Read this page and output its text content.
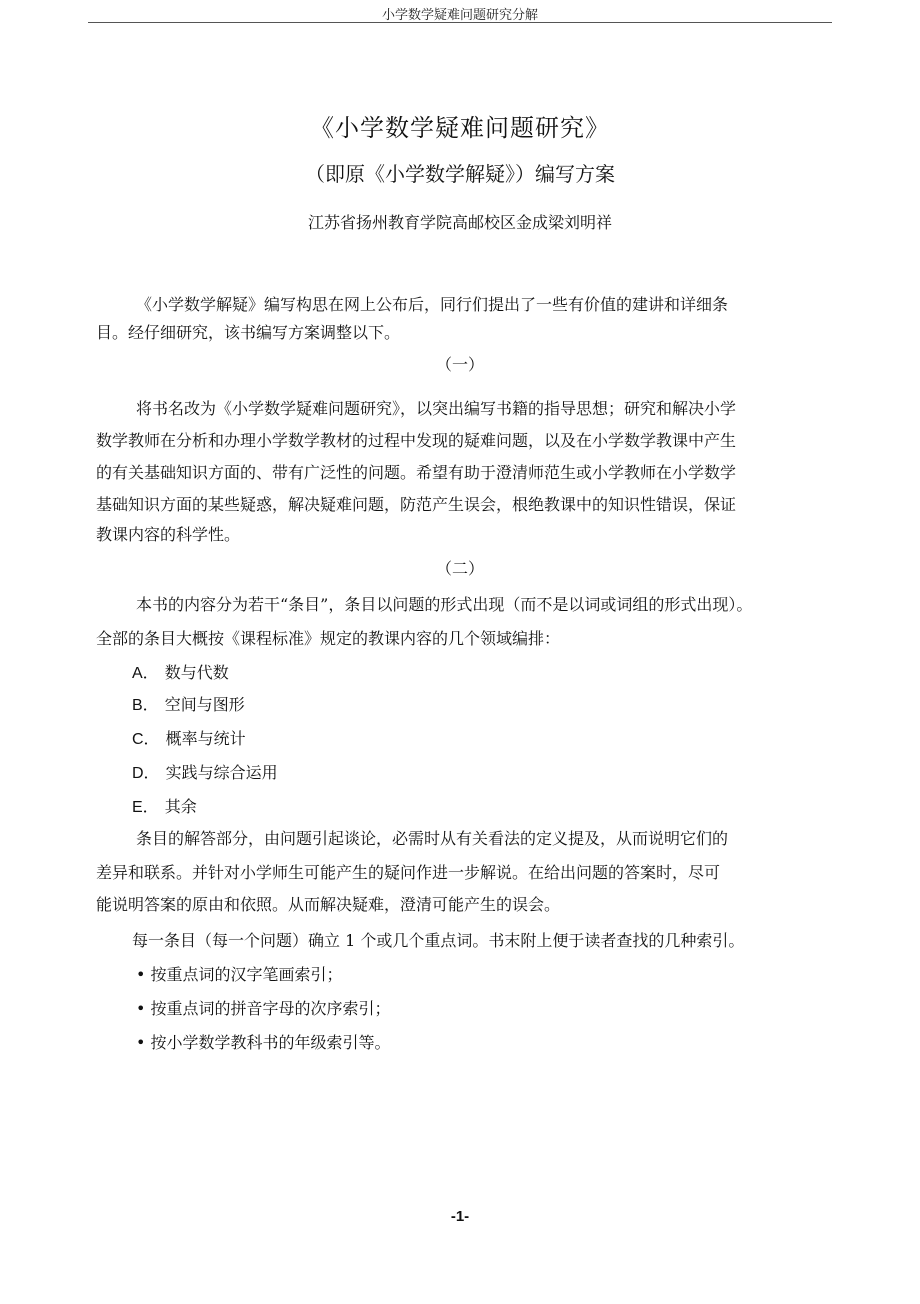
小学数学疑难问题研究分解
《小学数学疑难问题研究》
（即原《小学数学解疑》）编写方案
江苏省扬州教育学院高邮校区金成梁刘明祥
《小学数学解疑》编写构思在网上公布后，同行们提出了一些有价值的建讲和详细条
目。经仔细研究，该书编写方案调整以下。
（一）
将书名改为《小学数学疑难问题研究》，以突出编写书籍的指导思想；研究和解决小学
数学教师在分析和办理小学数学教材的过程中发现的疑难问题，以及在小学数学教课中产生
的有关基础知识方面的、带有广泛性的问题。希望有助于澄清师范生或小学教师在小学数学
基础知识方面的某些疑惑，解决疑难问题，防范产生误会，根绝教课中的知识性错误，保证
教课内容的科学性。
（二）
本书的内容分为若干“条目”，条目以问题的形式出现（而不是以词或词组的形式出现）。
全部的条目大概按《课程标准》规定的教课内容的几个领域编排：
A． 数与代数
B． 空间与图形
C． 概率与统计
D． 实践与综合运用
E． 其余
条目的解答部分，由问题引起谈论，必需时从有关看法的定义提及，从而说明它们的
差异和联系。并针对小学师生可能产生的疑问作进一步解说。在给出问题的答案时，尽可
能说明答案的原由和依照。从而解决疑难，澄清可能产生的误会。
每一条目（每一个问题）确立 1 个或几个重点词。书末附上便于读者查找的几种索引。
• 按重点词的汉字笔画索引；
• 按重点词的拼音字母的次序索引；
• 按小学数学教科书的年级索引等。
-1-
